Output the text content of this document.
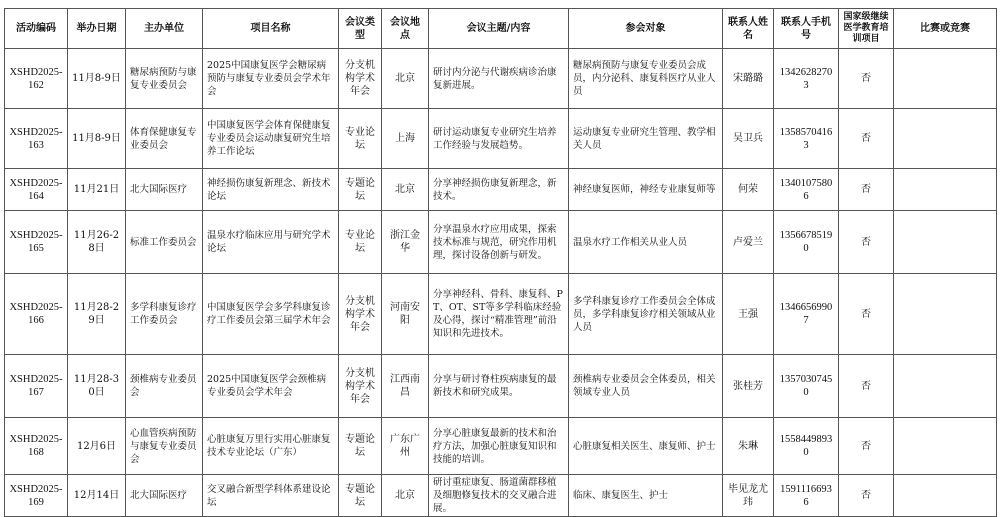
活动编码	举办日期	主办单位	项目名称	会议类型	会议地点	会议主题/内容	参会对象	联系人姓名	联系人手机号	国家级继续医学教育培训项目	比赛或竞赛
XSHD2025-162	11月8-9日	糖尿病预防与康复专业委员会	2025中国康复医学会糖尿病预防与康复专业委员会学术年会	分支机构学术年会	北京	研讨内分泌与代谢疾病诊治康复新进展。	糖尿病预防与康复专业委员会成员，内分泌科、康复科医疗从业人员	宋璐璐	13426282703	否	
XSHD2025-163	11月8-9日	体育保健康复专业委员会	中国康复医学会体育保健康复专业委员会运动康复研究生培养工作论坛	专业论坛	上海	研讨运动康复专业研究生培养工作经验与发展趋势。	运动康复专业研究生管理、教学相关人员	吴卫兵	13585704163	否	
XSHD2025-164	11月21日	北大国际医疗	神经损伤康复新理念、新技术论坛	专题论坛	北京	分享神经损伤康复新理念，新技术。	神经康复医师，神经专业康复师等	何荣	13401075806	否	
XSHD2025-165	11月26-28日	标准工作委员会	温泉水疗临床应用与研究学术论坛	专业论坛	浙江金华	分享温泉水疗应用成果，探索技术标准与规范，研究作用机理，探讨设备创新与研发。	温泉水疗工作相关从业人员	卢爱兰	13566785190	否	
XSHD2025-166	11月28-29日	多学科康复诊疗工作委员会	中国康复医学会多学科康复诊疗工作委员会第三届学术年会	分支机构学术年会	河南安阳	分享神经科、骨科、康复科、PT、OT、ST等多学科临床经验及心得，探讨“精准管理”前沿知识和先进技术。	多学科康复诊疗工作委员会全体成员，多学科康复诊疗相关领域从业人员	王强	13466569907	否	
XSHD2025-167	11月28-30日	颈椎病专业委员会	2025中国康复医学会颈椎病专业委员会学术年会	分支机构学术年会	江西南昌	分享与研讨脊柱疾病康复的最新技术和研究成果。	颈椎病专业委员会全体委员，相关领域专业人员	张桂芳	13570307450	否	
XSHD2025-168	12月6日	心血管疾病预防与康复专业委员会	心脏康复万里行实用心脏康复技术专业论坛（广东）	专题论坛	广东广州	分享心脏康复最新的技术和治疗方法，加强心脏康复知识和技能的培训。	心脏康复相关医生、康复师、护士	朱琳	15584498930	否	
XSHD2025-169	12月14日	北大国际医疗	交叉融合新型学科体系建设论坛	专题论坛	北京	研讨重症康复、肠道菌群移植及细胞修复技术的交叉融合进展。	临床、康复医生、护士	毕见龙尤玮	15911166936	否	
